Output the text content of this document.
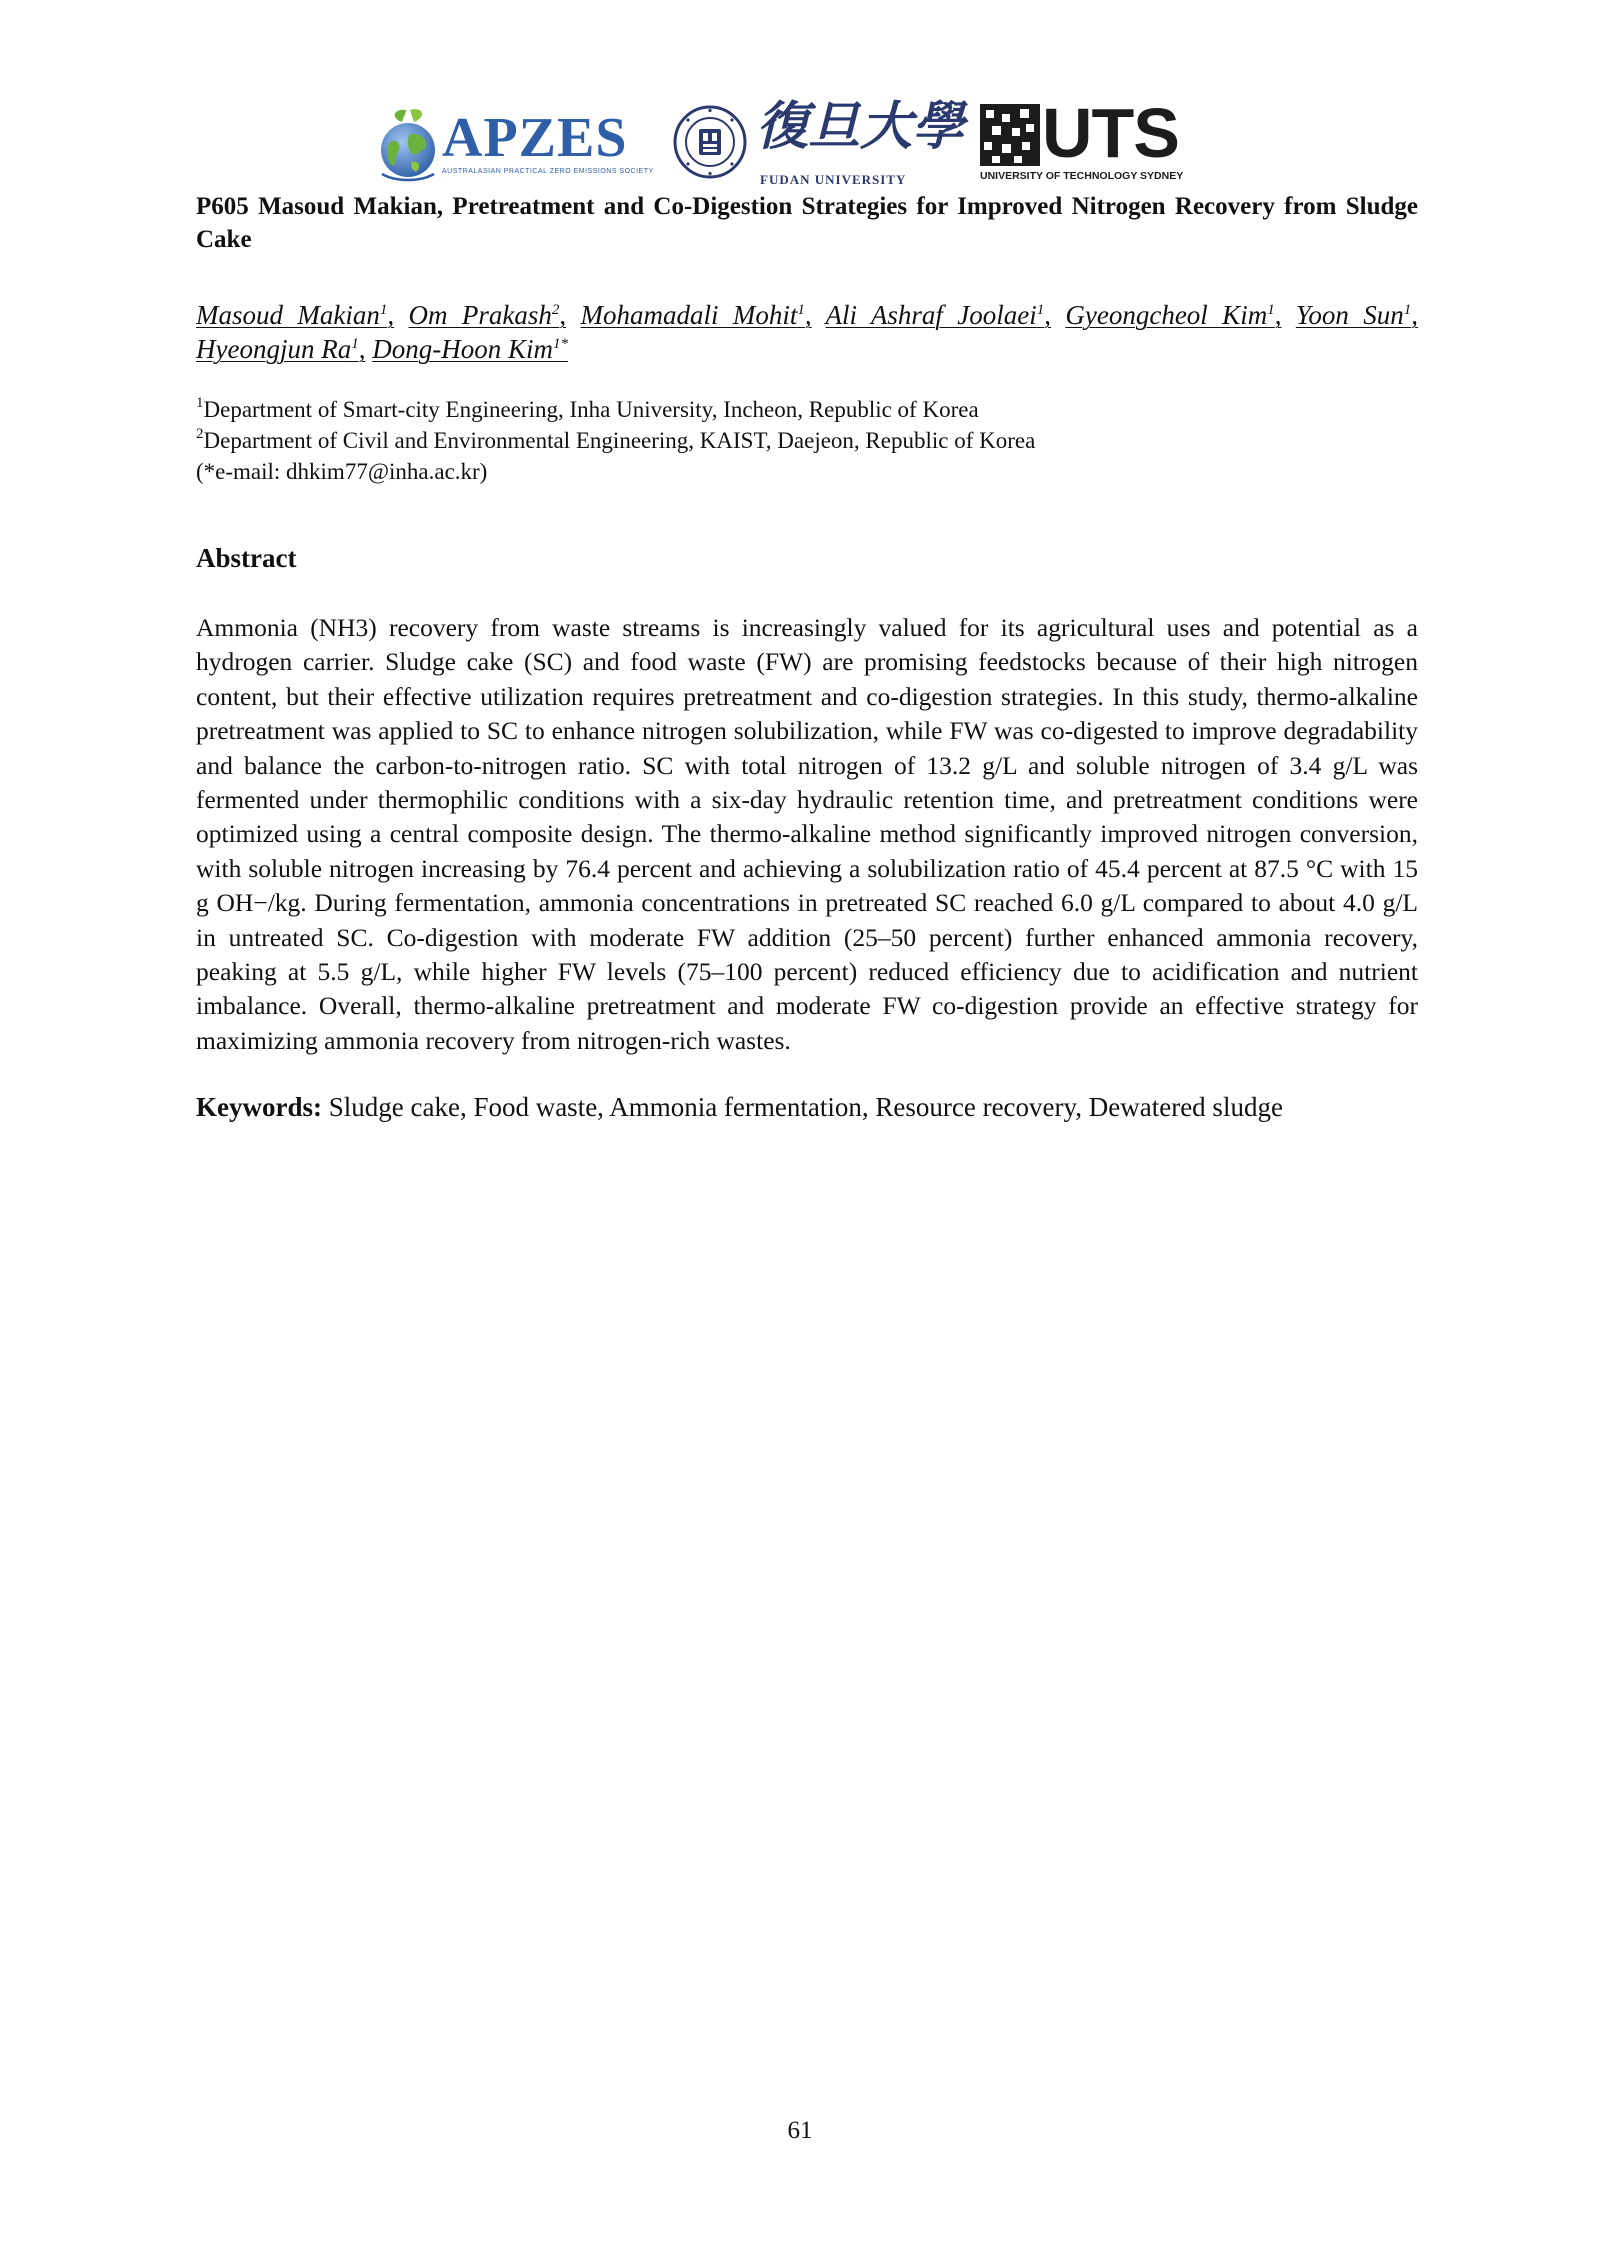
APZES
AUSTRALASIAN PRACTICAL ZERO EMISSIONS SOCIETY
復旦大學
FUDAN UNIVERSITY
UTS
UNIVERSITY OF TECHNOLOGY SYDNEY
P605 Masoud Makian, Pretreatment and Co-Digestion Strategies for Improved Nitrogen Recovery from Sludge Cake

Masoud Makian$^1$, Om Prakash$^2$, Mohamadali Mohit$^1$, Ali Ashraf Joolaei$^1$, Gyeongcheol Kim$^1$, Yoon Sun$^1$, Hyeongjun Ra$^1$, Dong-Hoon Kim$^{1*}$

$^1$Department of Smart-city Engineering, Inha University, Incheon, Republic of Korea
$^2$Department of Civil and Environmental Engineering, KAIST, Daejeon, Republic of Korea
(*e-mail: dhkim77@inha.ac.kr)
Abstract

Ammonia (NH3) recovery from waste streams is increasingly valued for its agricultural uses and potential as a hydrogen carrier. Sludge cake (SC) and food waste (FW) are promising feedstocks because of their high nitrogen content, but their effective utilization requires pretreatment and co-digestion strategies. In this study, thermo-alkaline pretreatment was applied to SC to enhance nitrogen solubilization, while FW was co-digested to improve degradability and balance the carbon-to-nitrogen ratio. SC with total nitrogen of 13.2 g/L and soluble nitrogen of 3.4 g/L was fermented under thermophilic conditions with a six-day hydraulic retention time, and pretreatment conditions were optimized using a central composite design. The thermo-alkaline method significantly improved nitrogen conversion, with soluble nitrogen increasing by 76.4 percent and achieving a solubilization ratio of 45.4 percent at 87.5 °C with 15 g OH−/kg. During fermentation, ammonia concentrations in pretreated SC reached 6.0 g/L compared to about 4.0 g/L in untreated SC. Co-digestion with moderate FW addition (25–50 percent) further enhanced ammonia recovery, peaking at 5.5 g/L, while higher FW levels (75–100 percent) reduced efficiency due to acidification and nutrient imbalance. Overall, thermo-alkaline pretreatment and moderate FW co-digestion provide an effective strategy for maximizing ammonia recovery from nitrogen-rich wastes.

Keywords: Sludge cake, Food waste, Ammonia fermentation, Resource recovery, Dewatered sludge

61
